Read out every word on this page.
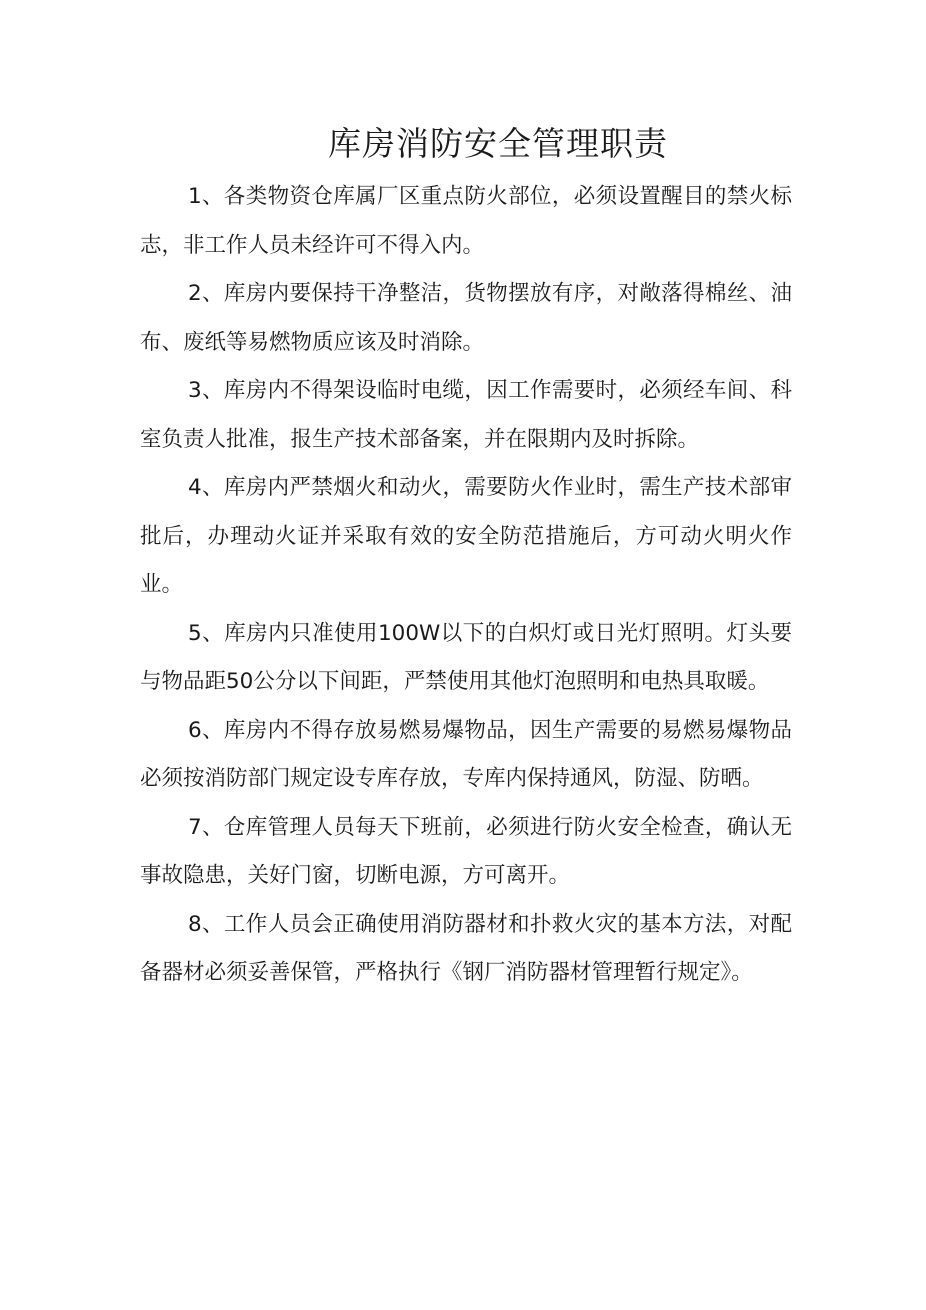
库房消防安全管理职责

1、各类物资仓库属厂区重点防火部位，必须设置醒目的禁火标志，非工作人员未经许可不得入内。

2、库房内要保持干净整洁，货物摆放有序，对敞落得棉丝、油布、废纸等易燃物质应该及时消除。

3、库房内不得架设临时电缆，因工作需要时，必须经车间、科室负责人批准，报生产技术部备案，并在限期内及时拆除。

4、库房内严禁烟火和动火，需要防火作业时，需生产技术部审批后，办理动火证并采取有效的安全防范措施后，方可动火明火作业。

5、库房内只准使用100W以下的白炽灯或日光灯照明。灯头要与物品距50公分以下间距，严禁使用其他灯泡照明和电热具取暖。

6、库房内不得存放易燃易爆物品，因生产需要的易燃易爆物品必须按消防部门规定设专库存放，专库内保持通风，防湿、防晒。

7、仓库管理人员每天下班前，必须进行防火安全检查，确认无事故隐患，关好门窗，切断电源，方可离开。

8、工作人员会正确使用消防器材和扑救火灾的基本方法，对配备器材必须妥善保管，严格执行《钢厂消防器材管理暂行规定》。
